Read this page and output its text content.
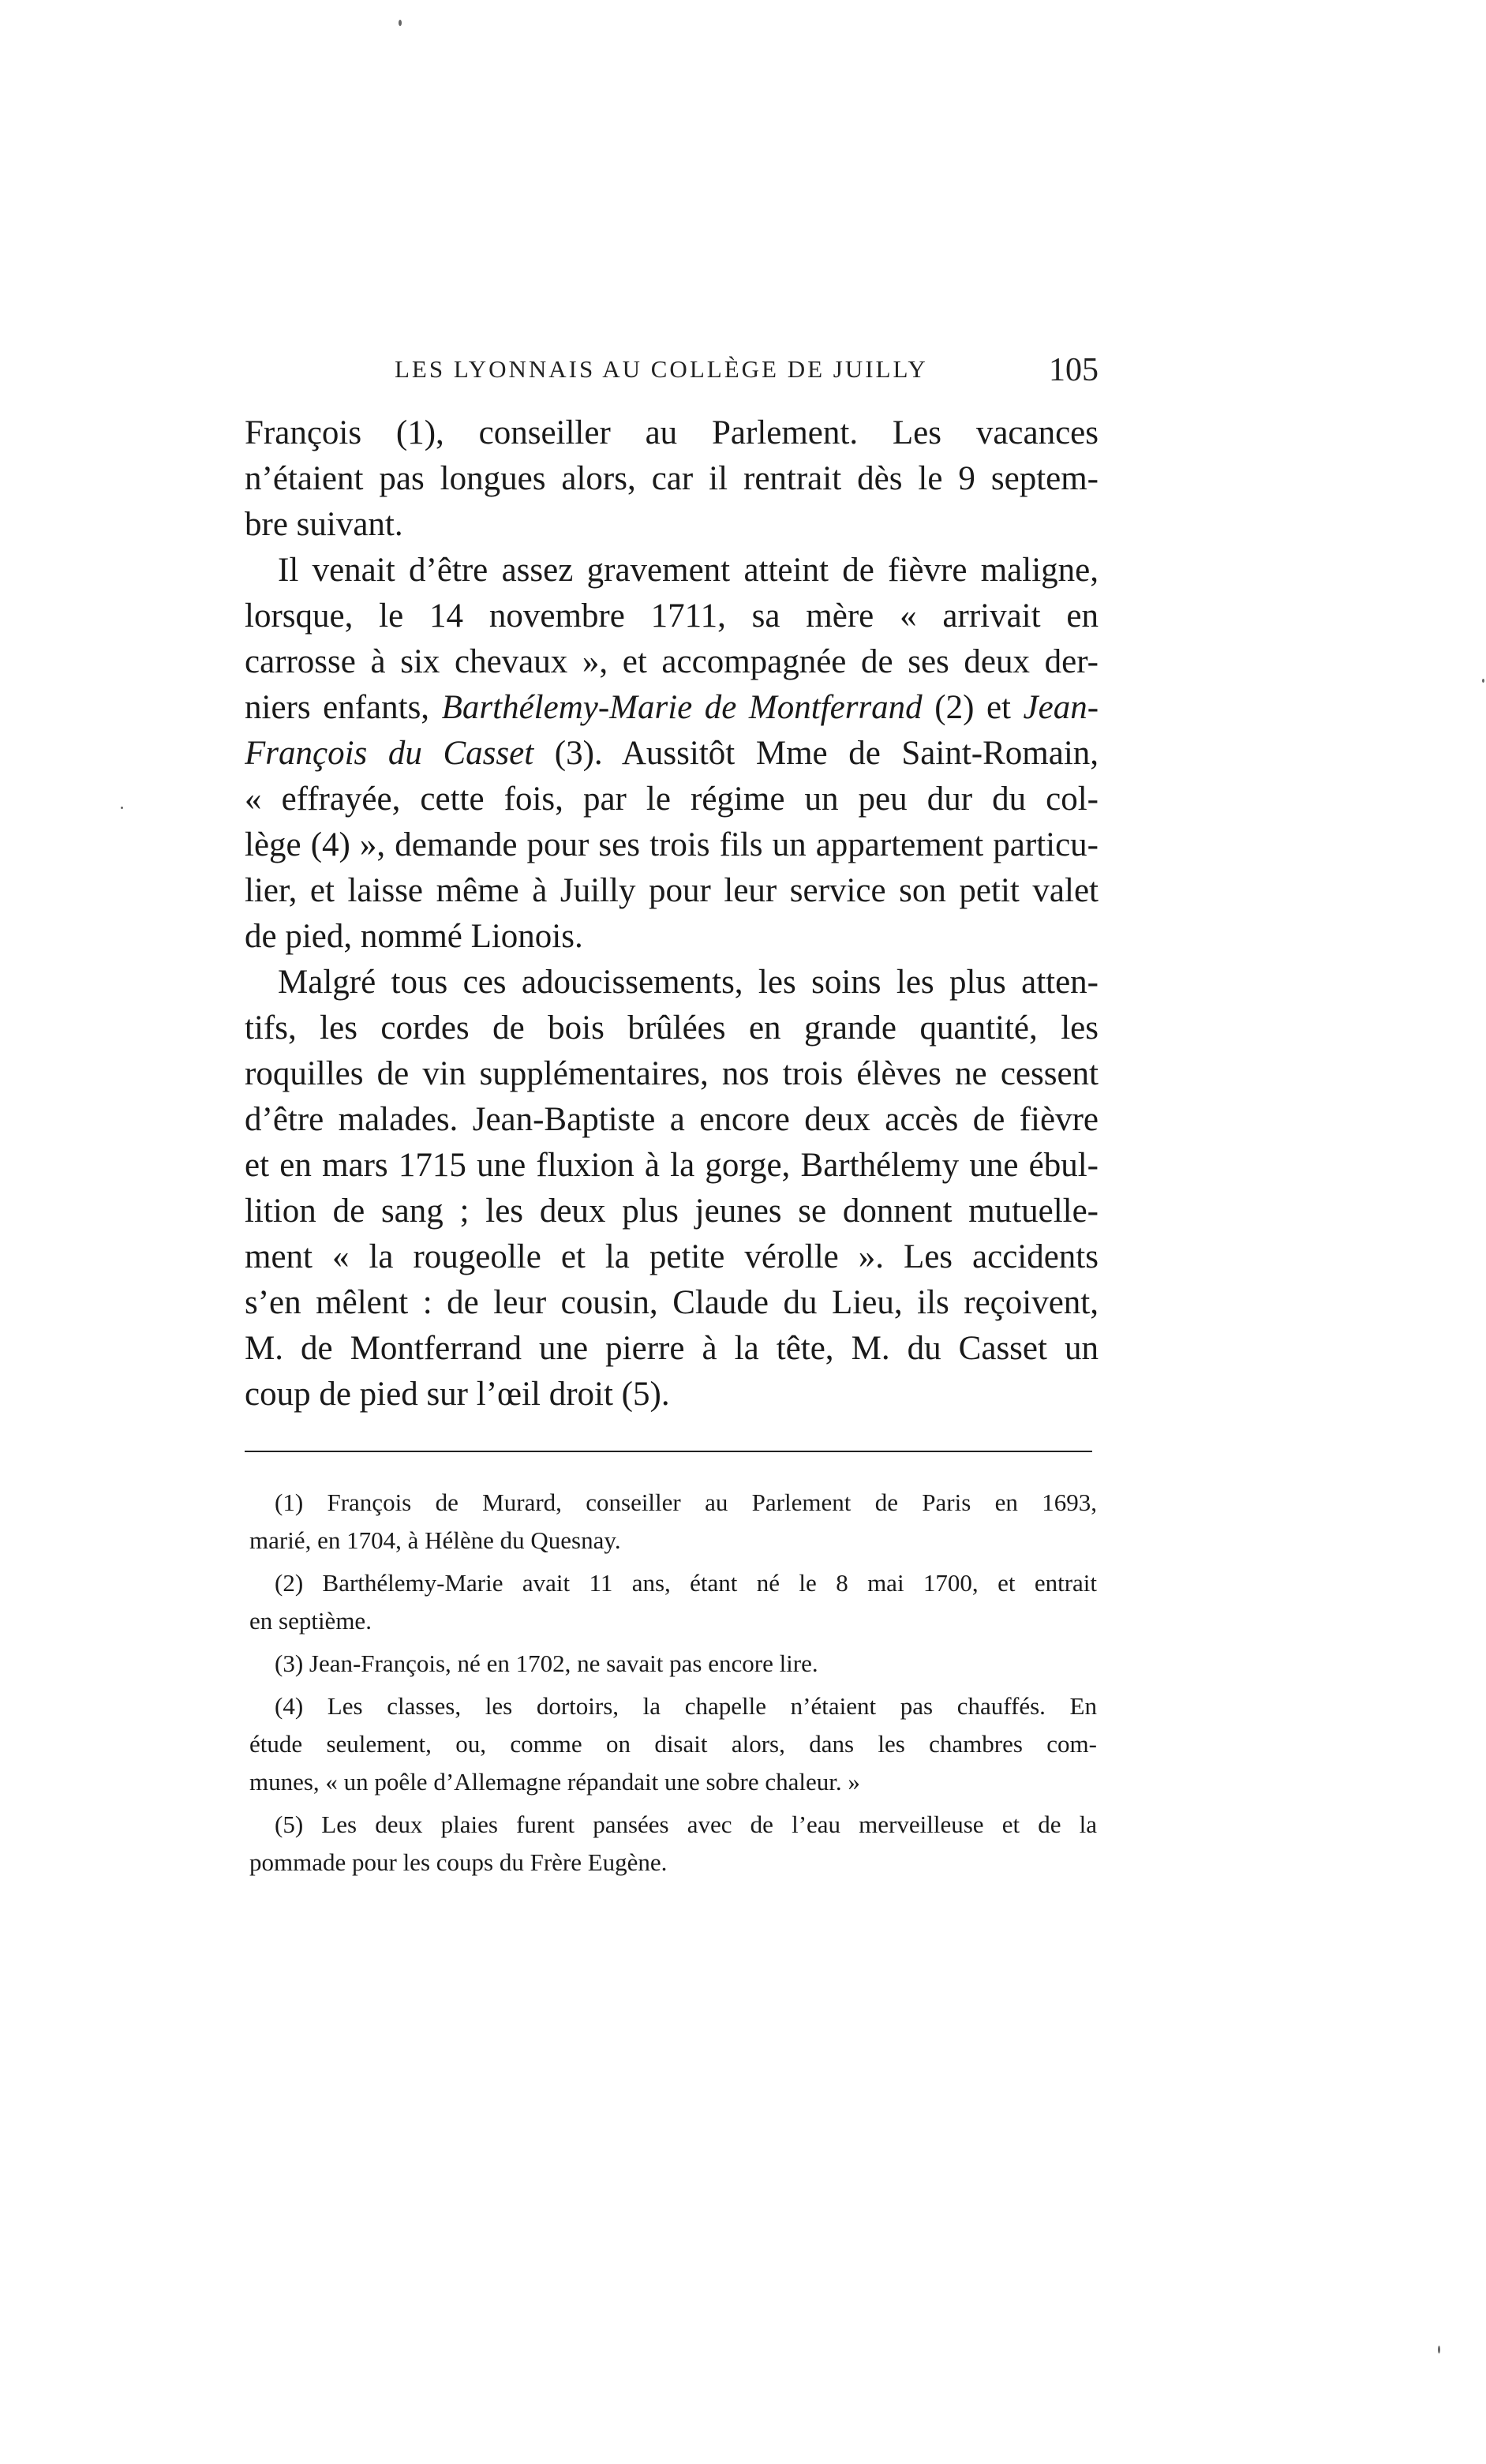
LES LYONNAIS AU COLLÈGE DE JUILLY	105
François (1), conseiller au Parlement. Les vacances
n’étaient pas longues alors, car il rentrait dès le 9 septem-
bre suivant.
Il venait d’être assez gravement atteint de fièvre maligne,
lorsque, le 14 novembre 1711, sa mère « arrivait en
carrosse à six chevaux », et accompagnée de ses deux der-
niers enfants, Barthélemy-Marie de Montferrand (2) et Jean-
François du Casset (3). Aussitôt Mme de Saint-Romain,
« effrayée, cette fois, par le régime un peu dur du col-
lège (4) », demande pour ses trois fils un appartement particu-
lier, et laisse même à Juilly pour leur service son petit valet
de pied, nommé Lionois.
Malgré tous ces adoucissements, les soins les plus atten-
tifs, les cordes de bois brûlées en grande quantité, les
roquilles de vin supplémentaires, nos trois élèves ne cessent
d’être malades. Jean-Baptiste a encore deux accès de fièvre
et en mars 1715 une fluxion à la gorge, Barthélemy une ébul-
lition de sang ; les deux plus jeunes se donnent mutuelle-
ment « la rougeolle et la petite vérolle ». Les accidents
s’en mêlent : de leur cousin, Claude du Lieu, ils reçoivent,
M. de Montferrand une pierre à la tête, M. du Casset un
coup de pied sur l’œil droit (5).
(1) François de Murard, conseiller au Parlement de Paris en 1693,
marié, en 1704, à Hélène du Quesnay.
(2) Barthélemy-Marie avait 11 ans, étant né le 8 mai 1700, et entrait
en septième.
(3) Jean-François, né en 1702, ne savait pas encore lire.
(4) Les classes, les dortoirs, la chapelle n’étaient pas chauffés. En
étude seulement, ou, comme on disait alors, dans les chambres com-
munes, « un poêle d’Allemagne répandait une sobre chaleur. »
(5) Les deux plaies furent pansées avec de l’eau merveilleuse et de la
pommade pour les coups du Frère Eugène.
